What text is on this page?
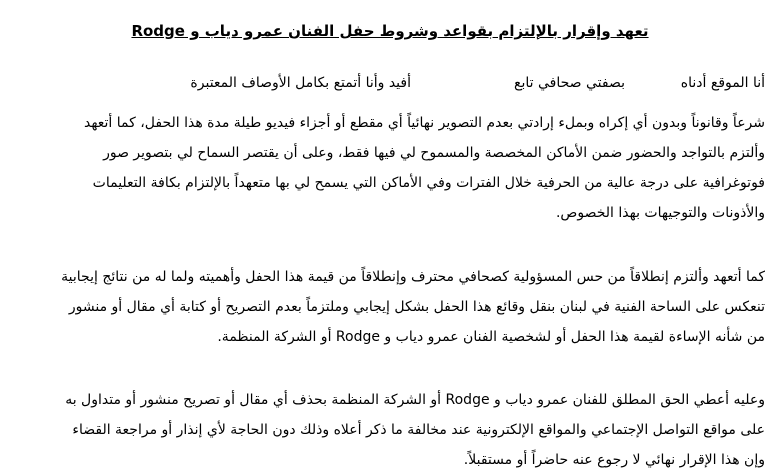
تعهد وإقرار بالإلتزام بقواعد وشروط حفل الفنان عمرو دياب و Rodge
أنا الموقع أدناه
بصفتي صحافي تابع
أفيد وأنا أتمتع بكامل الأوصاف المعتبرة

شرعاً وقانوناً وبدون أي إكراه وبملء إرادتي بعدم التصوير نهائياً أي مقطع أو أجزاء فيديو طيلة مدة هذا الحفل، كما أتعهد
وألتزم بالتواجد والحضور ضمن الأماكن المخصصة والمسموح لي فيها فقط، وعلى أن يقتصر السماح لي بتصوير صور
فوتوغرافية على درجة عالية من الحرفية خلال الفترات وفي الأماكن التي يسمح لي بها متعهداً بالإلتزام بكافة التعليمات
والأذونات والتوجيهات بهذا الخصوص.

كما أتعهد وألتزم إنطلاقاً من حس المسؤولية كصحافي محترف وإنطلاقاً من قيمة هذا الحفل وأهميته ولما له من نتائج إيجابية
تنعكس على الساحة الفنية في لبنان بنقل وقائع هذا الحفل بشكل إيجابي وملتزماً بعدم التصريح أو كتابة أي مقال أو منشور
من شأنه الإساءة لقيمة هذا الحفل أو لشخصية الفنان عمرو دياب و Rodge أو الشركة المنظمة.

وعليه أعطي الحق المطلق للفنان عمرو دياب و Rodge أو الشركة المنظمة بحذف أي مقال أو تصريح منشور أو متداول به
على مواقع التواصل الإجتماعي والمواقع الإلكترونية عند مخالفة ما ذكر أعلاه وذلك دون الحاجة لأي إنذار أو مراجعة القضاء
وإن هذا الإقرار نهائي لا رجوع عنه حاضراً أو مستقبلاً.
